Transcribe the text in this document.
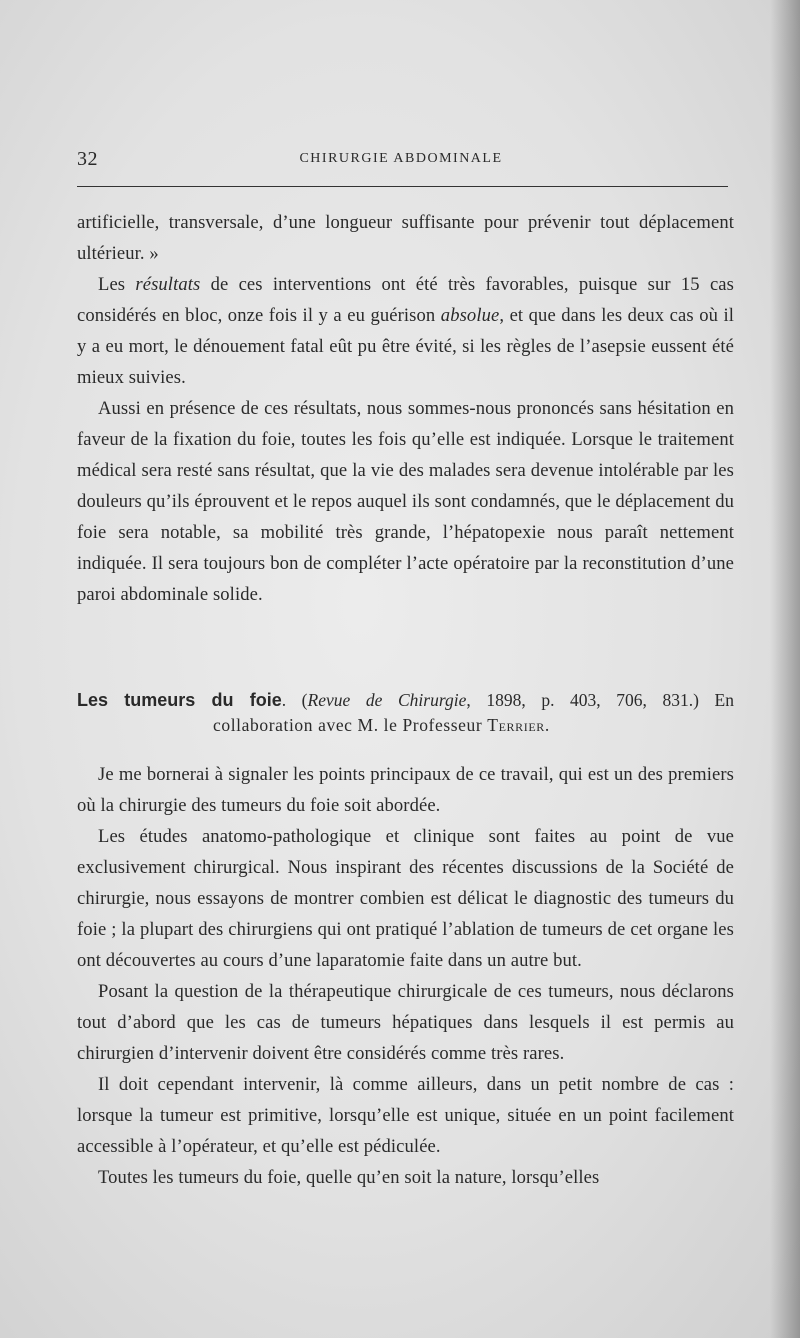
32	CHIRURGIE ABDOMINALE

artificielle, transversale, d’une longueur suffisante pour prévenir tout déplacement ultérieur. »

Les résultats de ces interventions ont été très favorables, puisque sur 15 cas considérés en bloc, onze fois il y a eu guérison absolue, et que dans les deux cas où il y a eu mort, le dénouement fatal eût pu être évité, si les règles de l’asepsie eussent été mieux suivies.

Aussi en présence de ces résultats, nous sommes-nous prononcés sans hésitation en faveur de la fixation du foie, toutes les fois qu’elle est indiquée. Lorsque le traitement médical sera resté sans résultat, que la vie des malades sera devenue intolérable par les douleurs qu’ils éprouvent et le repos auquel ils sont condamnés, que le déplacement du foie sera notable, sa mobilité très grande, l’hépatopexie nous paraît nettement indiquée. Il sera toujours bon de compléter l’acte opératoire par la reconstitution d’une paroi abdominale solide.

Les tumeurs du foie. (Revue de Chirurgie, 1898, p. 403, 706, 831.) En
collaboration avec M. le Professeur Terrier.

Je me bornerai à signaler les points principaux de ce travail, qui est un des premiers où la chirurgie des tumeurs du foie soit abordée.

Les études anatomo-pathologique et clinique sont faites au point de vue exclusivement chirurgical. Nous inspirant des récentes discussions de la Société de chirurgie, nous essayons de montrer combien est délicat le diagnostic des tumeurs du foie ; la plupart des chirurgiens qui ont pratiqué l’ablation de tumeurs de cet organe les ont découvertes au cours d’une laparatomie faite dans un autre but.

Posant la question de la thérapeutique chirurgicale de ces tumeurs, nous déclarons tout d’abord que les cas de tumeurs hépatiques dans lesquels il est permis au chirurgien d’intervenir doivent être considérés comme très rares.

Il doit cependant intervenir, là comme ailleurs, dans un petit nombre de cas : lorsque la tumeur est primitive, lorsqu’elle est unique, située en un point facilement accessible à l’opérateur, et qu’elle est pédiculée.

Toutes les tumeurs du foie, quelle qu’en soit la nature, lorsqu’elles
